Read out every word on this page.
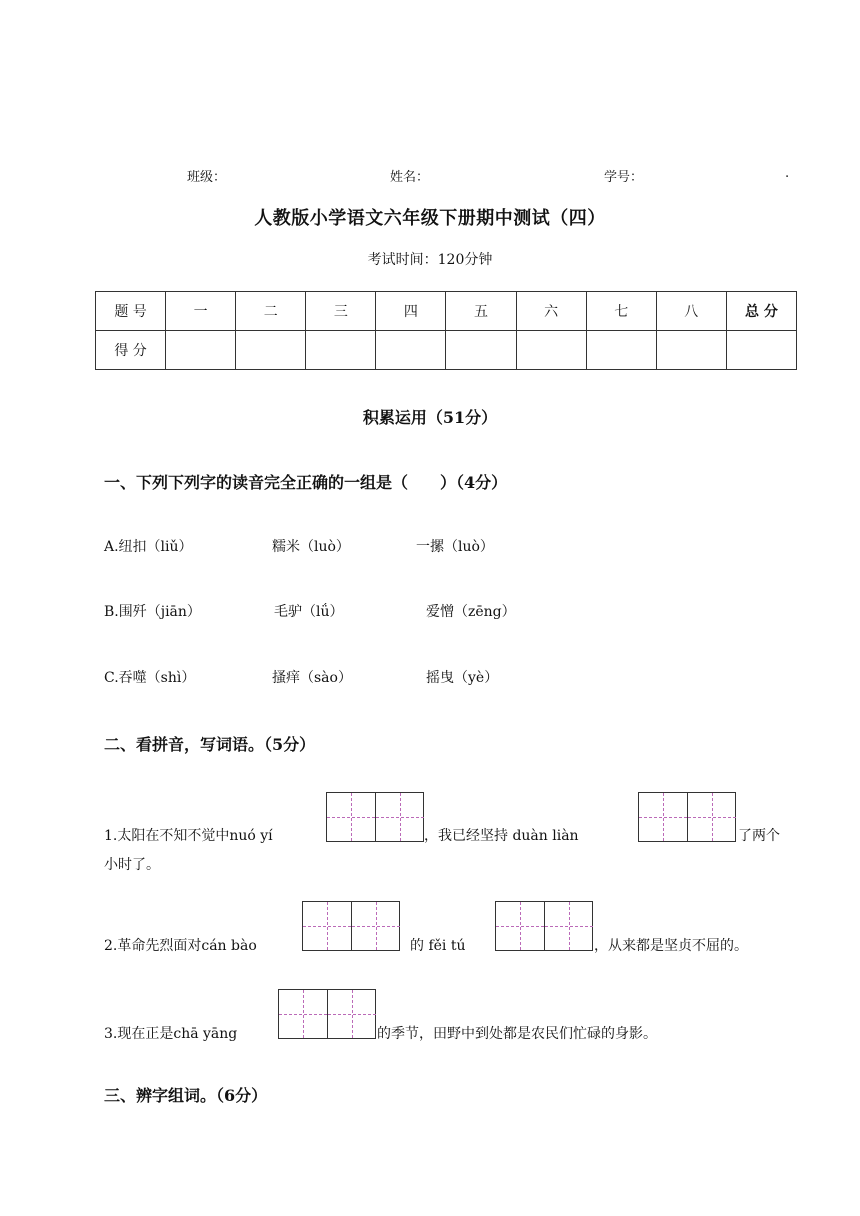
班级：	姓名：	学号：	.
人教版小学语文六年级下册期中测试（四）
考试时间：120分钟
题 号	一	二	三	四	五	六	七	八	总 分
得 分									
积累运用（51分）
一、下列下列字的读音完全正确的一组是（　　）（4分）
A.纽扣（liǔ）	糯米（luò）	一摞（luò）
B.围歼（jiān）	毛驴（lǘ）	爱憎（zēng）
C.吞噬（shì）	搔痒（sào）	摇曳（yè）
二、看拼音，写词语。（5分）
1.太阳在不知不觉中nuó yí	，我已经坚持 duàn liàn	了两个
小时了。
2.革命先烈面对cán bào	的 fěi tú	，从来都是坚贞不屈的。
3.现在正是chā yāng	的季节，田野中到处都是农民们忙碌的身影。
三、辨字组词。（6分）
